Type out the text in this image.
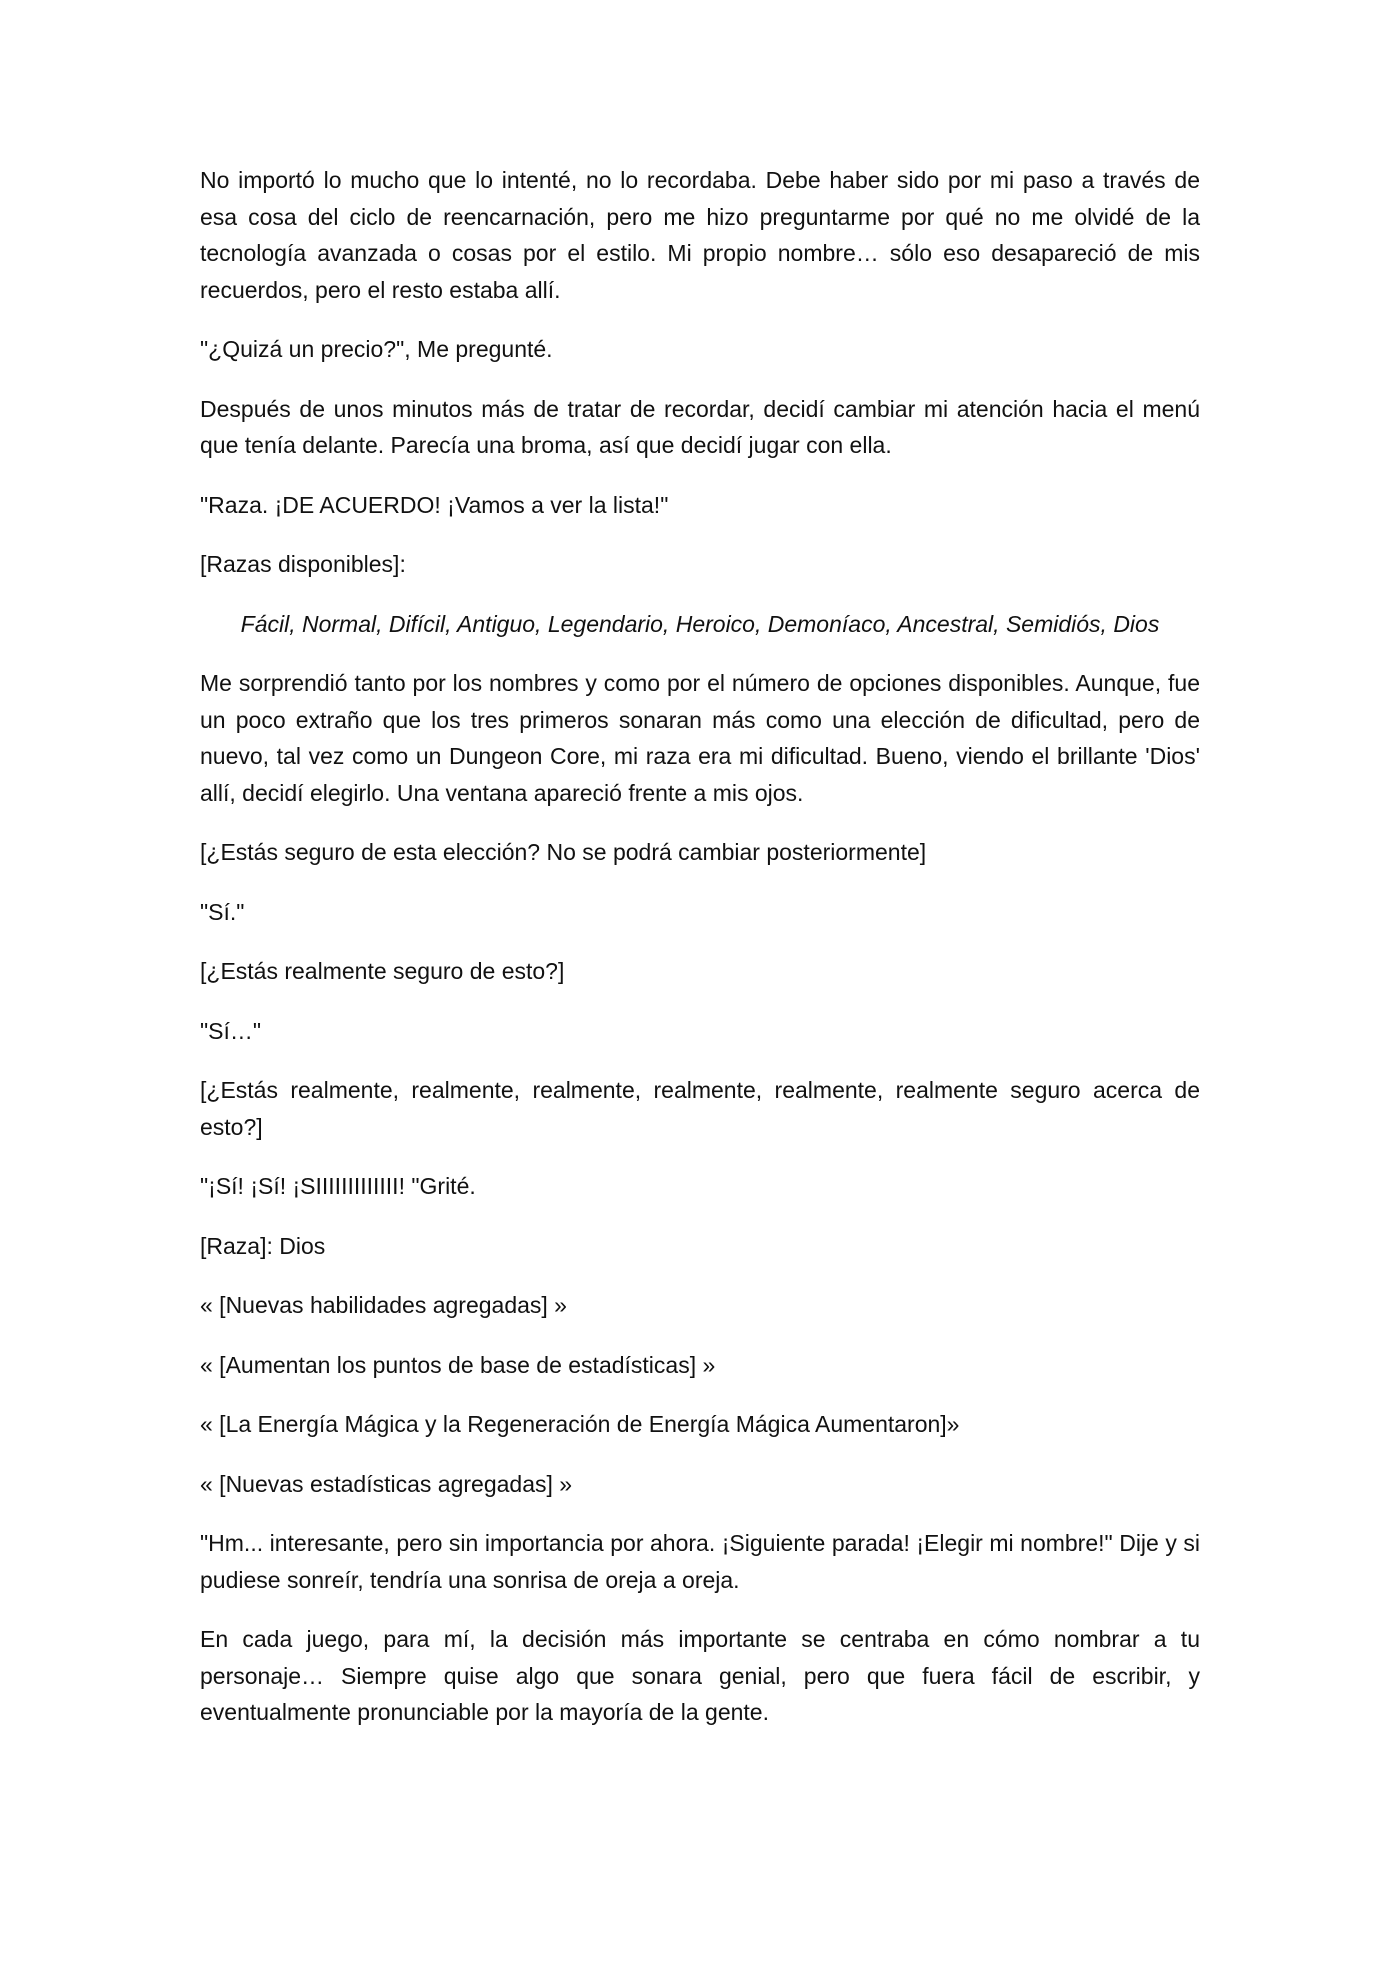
No importó lo mucho que lo intenté, no lo recordaba. Debe haber sido por mi paso a través de esa cosa del ciclo de reencarnación, pero me hizo preguntarme por qué no me olvidé de la tecnología avanzada o cosas por el estilo. Mi propio nombre… sólo eso desapareció de mis recuerdos, pero el resto estaba allí.

"¿Quizá un precio?", Me pregunté.

Después de unos minutos más de tratar de recordar, decidí cambiar mi atención hacia el menú que tenía delante. Parecía una broma, así que decidí jugar con ella.

"Raza. ¡DE ACUERDO! ¡Vamos a ver la lista!"

[Razas disponibles]:

Fácil, Normal, Difícil, Antiguo, Legendario, Heroico, Demoníaco, Ancestral, Semidiós, Dios

Me sorprendió tanto por los nombres y como por el número de opciones disponibles. Aunque, fue un poco extraño que los tres primeros sonaran más como una elección de dificultad, pero de nuevo, tal vez como un Dungeon Core, mi raza era mi dificultad. Bueno, viendo el brillante 'Dios' allí, decidí elegirlo. Una ventana apareció frente a mis ojos.

[¿Estás seguro de esta elección? No se podrá cambiar posteriormente]

"Sí."

[¿Estás realmente seguro de esto?]

"Sí…"

[¿Estás realmente, realmente, realmente, realmente, realmente, realmente seguro acerca de esto?]

"¡Sí! ¡Sí! ¡SIIIIIIIIIIIII! "Grité.

[Raza]: Dios

« [Nuevas habilidades agregadas] »

« [Aumentan los puntos de base de estadísticas] »

« [La Energía Mágica y la Regeneración de Energía Mágica Aumentaron]»

« [Nuevas estadísticas agregadas] »

"Hm... interesante, pero sin importancia por ahora. ¡Siguiente parada! ¡Elegir mi nombre!" Dije y si pudiese sonreír, tendría una sonrisa de oreja a oreja.

En cada juego, para mí, la decisión más importante se centraba en cómo nombrar a tu personaje… Siempre quise algo que sonara genial, pero que fuera fácil de escribir, y eventualmente pronunciable por la mayoría de la gente.
